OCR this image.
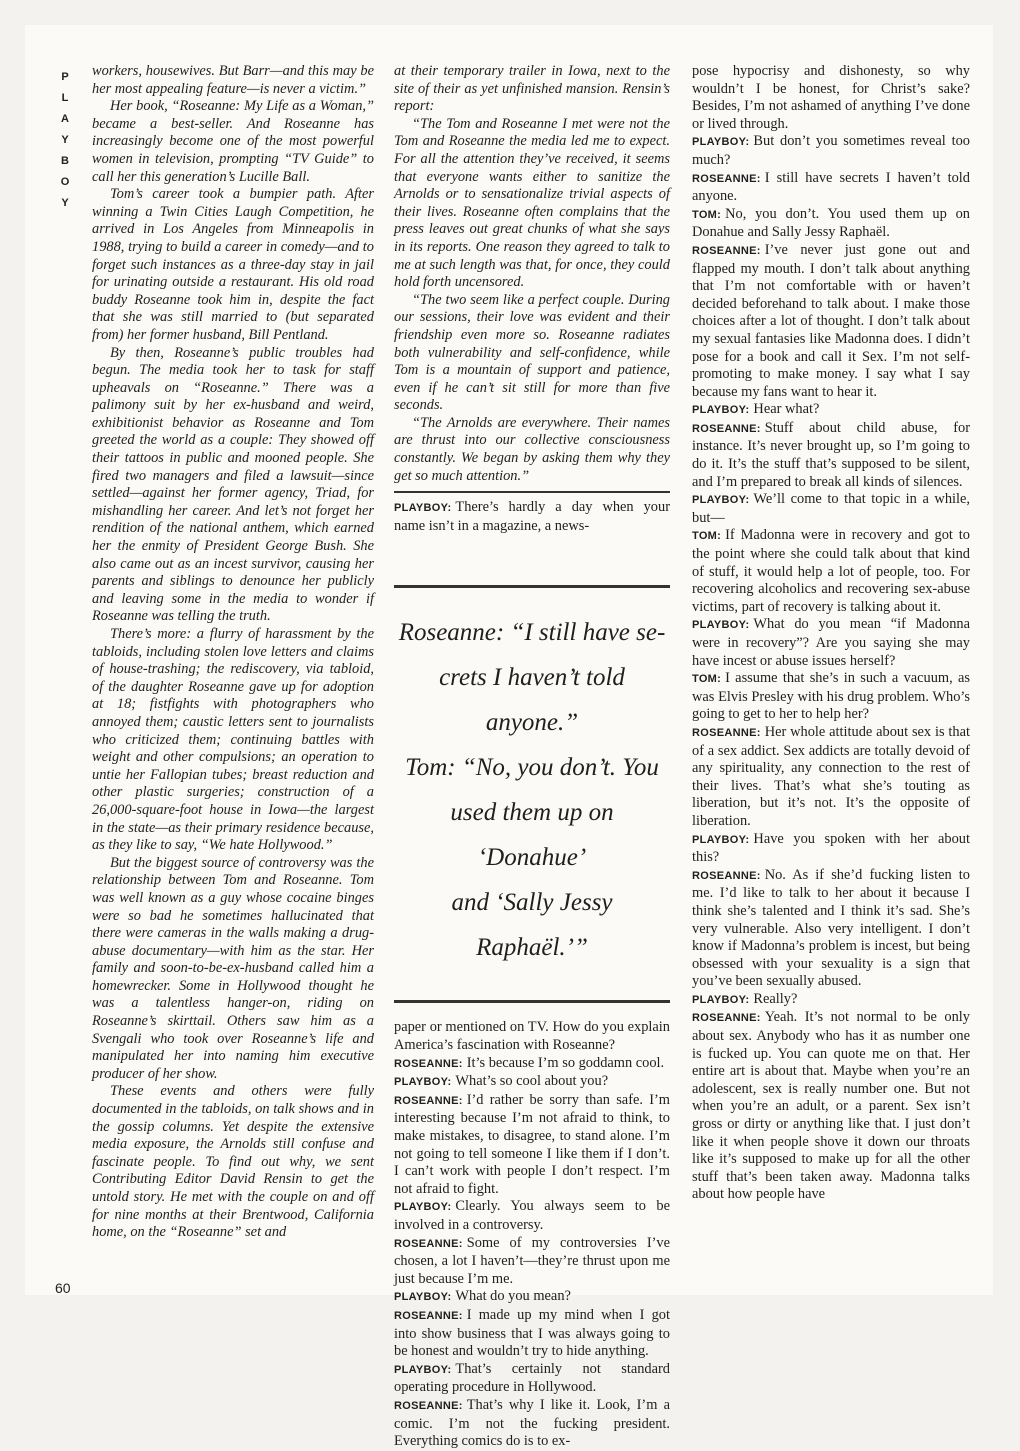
P
L
A
Y
B
O
Y

workers, housewives. But Barr—and this may be her most appealing feature—is never a victim.”

Her book, “Roseanne: My Life as a Woman,” became a best-seller. And Roseanne has increasingly become one of the most powerful women in television, prompting “TV Guide” to call her this generation’s Lucille Ball.

Tom’s career took a bumpier path. After winning a Twin Cities Laugh Competition, he arrived in Los Angeles from Minneapolis in 1988, trying to build a career in comedy—and to forget such instances as a three-day stay in jail for urinating outside a restaurant. His old road buddy Roseanne took him in, despite the fact that she was still married to (but separated from) her former husband, Bill Pentland.

By then, Roseanne’s public troubles had begun. The media took her to task for staff upheavals on “Roseanne.” There was a palimony suit by her ex-husband and weird, exhibitionist behavior as Roseanne and Tom greeted the world as a couple: They showed off their tattoos in public and mooned people. She fired two managers and filed a lawsuit—since settled—against her former agency, Triad, for mishandling her career. And let’s not forget her rendition of the national anthem, which earned her the enmity of President George Bush. She also came out as an incest survivor, causing her parents and siblings to denounce her publicly and leaving some in the media to wonder if Roseanne was telling the truth.

There’s more: a flurry of harassment by the tabloids, including stolen love letters and claims of house-trashing; the rediscovery, via tabloid, of the daughter Roseanne gave up for adoption at 18; fistfights with photographers who annoyed them; caustic letters sent to journalists who criticized them; continuing battles with weight and other compulsions; an operation to untie her Fallopian tubes; breast reduction and other plastic surgeries; construction of a 26,000-square-foot house in Iowa—the largest in the state—as their primary residence because, as they like to say, “We hate Hollywood.”

But the biggest source of controversy was the relationship between Tom and Roseanne. Tom was well known as a guy whose cocaine binges were so bad he sometimes hallucinated that there were cameras in the walls making a drug-abuse documentary—with him as the star. Her family and soon-to-be-ex-husband called him a homewrecker. Some in Hollywood thought he was a talentless hanger-on, riding on Roseanne’s skirttail. Others saw him as a Svengali who took over Roseanne’s life and manipulated her into naming him executive producer of her show.

These events and others were fully documented in the tabloids, on talk shows and in the gossip columns. Yet despite the extensive media exposure, the Arnolds still confuse and fascinate people. To find out why, we sent Contributing Editor David Rensin to get the untold story. He met with the couple on and off for nine months at their Brentwood, California home, on the “Roseanne” set and

at their temporary trailer in Iowa, next to the site of their as yet unfinished mansion. Rensin’s report:

“The Tom and Roseanne I met were not the Tom and Roseanne the media led me to expect. For all the attention they’ve received, it seems that everyone wants either to sanitize the Arnolds or to sensationalize trivial aspects of their lives. Roseanne often complains that the press leaves out great chunks of what she says in its reports. One reason they agreed to talk to me at such length was that, for once, they could hold forth uncensored.

“The two seem like a perfect couple. During our sessions, their love was evident and their friendship even more so. Roseanne radiates both vulnerability and self-confidence, while Tom is a mountain of support and patience, even if he can’t sit still for more than five seconds.

“The Arnolds are everywhere. Their names are thrust into our collective consciousness constantly. We began by asking them why they get so much attention.”

PLAYBOY: There’s hardly a day when your name isn’t in a magazine, a news-

Roseanne: “I still have se-
crets I haven’t told anyone.”
Tom: “No, you don’t. You
used them up on ‘Donahue’
and ‘Sally Jessy Raphaël.’”

paper or mentioned on TV. How do you explain America’s fascination with Roseanne?

ROSEANNE: It’s because I’m so goddamn cool.

PLAYBOY: What’s so cool about you?

ROSEANNE: I’d rather be sorry than safe. I’m interesting because I’m not afraid to think, to make mistakes, to disagree, to stand alone. I’m not going to tell someone I like them if I don’t. I can’t work with people I don’t respect. I’m not afraid to fight.

PLAYBOY: Clearly. You always seem to be involved in a controversy.

ROSEANNE: Some of my controversies I’ve chosen, a lot I haven’t—they’re thrust upon me just because I’m me.

PLAYBOY: What do you mean?

ROSEANNE: I made up my mind when I got into show business that I was always going to be honest and wouldn’t try to hide anything.

PLAYBOY: That’s certainly not standard operating procedure in Hollywood.

ROSEANNE: That’s why I like it. Look, I’m a comic. I’m not the fucking president. Everything comics do is to ex-

pose hypocrisy and dishonesty, so why wouldn’t I be honest, for Christ’s sake? Besides, I’m not ashamed of anything I’ve done or lived through.

PLAYBOY: But don’t you sometimes reveal too much?

ROSEANNE: I still have secrets I haven’t told anyone.

TOM: No, you don’t. You used them up on Donahue and Sally Jessy Raphaël.

ROSEANNE: I’ve never just gone out and flapped my mouth. I don’t talk about anything that I’m not comfortable with or haven’t decided beforehand to talk about. I make those choices after a lot of thought. I don’t talk about my sexual fantasies like Madonna does. I didn’t pose for a book and call it Sex. I’m not self-promoting to make money. I say what I say because my fans want to hear it.

PLAYBOY: Hear what?

ROSEANNE: Stuff about child abuse, for instance. It’s never brought up, so I’m going to do it. It’s the stuff that’s supposed to be silent, and I’m prepared to break all kinds of silences.

PLAYBOY: We’ll come to that topic in a while, but—

TOM: If Madonna were in recovery and got to the point where she could talk about that kind of stuff, it would help a lot of people, too. For recovering alcoholics and recovering sex-abuse victims, part of recovery is talking about it.

PLAYBOY: What do you mean “if Madonna were in recovery”? Are you saying she may have incest or abuse issues herself?

TOM: I assume that she’s in such a vacuum, as was Elvis Presley with his drug problem. Who’s going to get to her to help her?

ROSEANNE: Her whole attitude about sex is that of a sex addict. Sex addicts are totally devoid of any spirituality, any connection to the rest of their lives. That’s what she’s touting as liberation, but it’s not. It’s the opposite of liberation.

PLAYBOY: Have you spoken with her about this?

ROSEANNE: No. As if she’d fucking listen to me. I’d like to talk to her about it because I think she’s talented and I think it’s sad. She’s very vulnerable. Also very intelligent. I don’t know if Madonna’s problem is incest, but being obsessed with your sexuality is a sign that you’ve been sexually abused.

PLAYBOY: Really?

ROSEANNE: Yeah. It’s not normal to be only about sex. Anybody who has it as number one is fucked up. You can quote me on that. Her entire art is about that. Maybe when you’re an adolescent, sex is really number one. But not when you’re an adult, or a parent. Sex isn’t gross or dirty or anything like that. I just don’t like it when people shove it down our throats like it’s supposed to make up for all the other stuff that’s been taken away. Madonna talks about how people have

60
